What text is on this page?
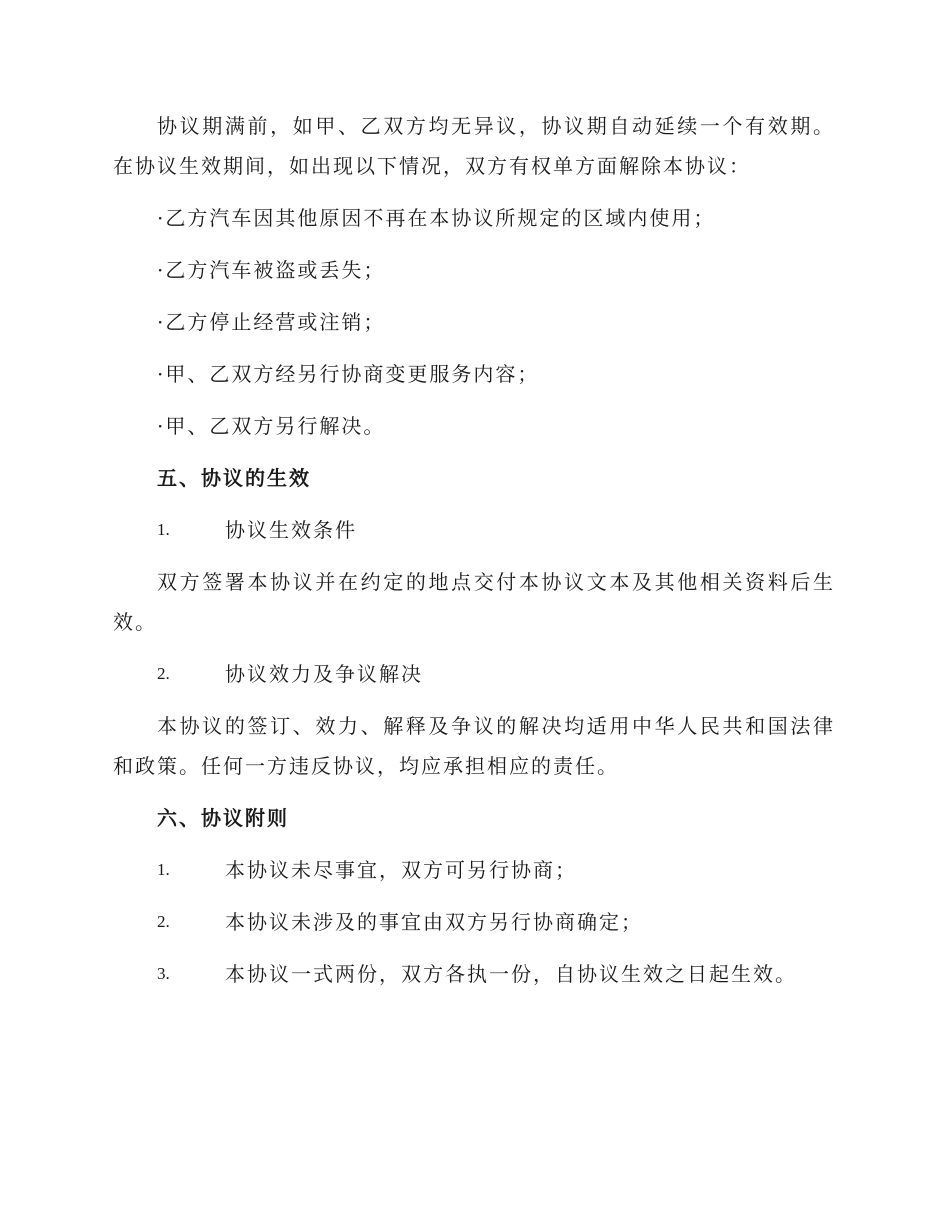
协议期满前，如甲、乙双方均无异议，协议期自动延续一个有效期。在协议生效期间，如出现以下情况，双方有权单方面解除本协议：

·乙方汽车因其他原因不再在本协议所规定的区域内使用；
·乙方汽车被盗或丢失；
·乙方停止经营或注销；
·甲、乙双方经另行协商变更服务内容；
·甲、乙双方另行解决。
五、协议的生效
1.	协议生效条件

双方签署本协议并在约定的地点交付本协议文本及其他相关资料后生效。

2.	协议效力及争议解决

本协议的签订、效力、解释及争议的解决均适用中华人民共和国法律和政策。任何一方违反协议，均应承担相应的责任。

六、协议附则
1.	本协议未尽事宜，双方可另行协商；
2.	本协议未涉及的事宜由双方另行协商确定；
3.	本协议一式两份，双方各执一份，自协议生效之日起生效。
